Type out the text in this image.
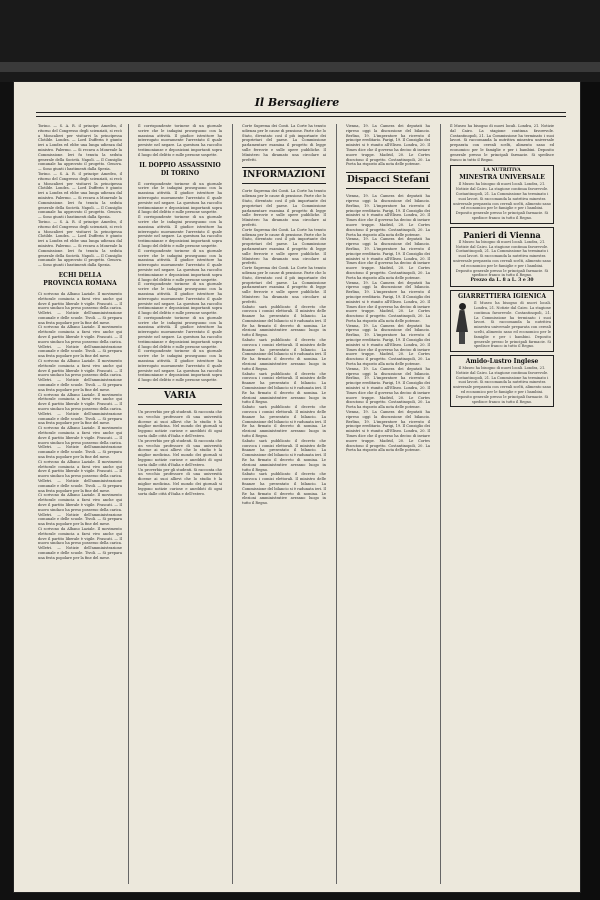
Il Bersagliere
Torino. — S. A. R. il principe Amedeo, il ritorno del Congresso degli scienziati, si recò a Moncalieri per visitarvi la principessa Clotilde. Londra. — Lord Dufferin è giunto ieri a Londra ed ebbe una lunga udienza dal ministro. Palermo. — Si recava a Monreale la Commissione. Ieri fu tenuta la seduta generale della Società. Napoli. — Il Consiglio comunale ha approvato il progetto. Genova. — Sono giunti i bastimenti dalla Spezia.
Torino. — S. A. R. il principe Amedeo, il ritorno del Congresso degli scienziati, si recò a Moncalieri per visitarvi la principessa Clotilde. Londra. — Lord Dufferin è giunto ieri a Londra ed ebbe una lunga udienza dal ministro. Palermo. — Si recava a Monreale la Commissione. Ieri fu tenuta la seduta generale della Società. Napoli. — Il Consiglio comunale ha approvato il progetto. Genova. — Sono giunti i bastimenti dalla Spezia.
Torino. — S. A. R. il principe Amedeo, il ritorno del Congresso degli scienziati, si recò a Moncalieri per visitarvi la principessa Clotilde. Londra. — Lord Dufferin è giunto ieri a Londra ed ebbe una lunga udienza dal ministro. Palermo. — Si recava a Monreale la Commissione. Ieri fu tenuta la seduta generale della Società. Napoli. — Il Consiglio comunale ha approvato il progetto. Genova. — Sono giunti i bastimenti dalla Spezia.
ECHI DELLA PROVINCIA ROMANA
Ci scrivono da Albano Laziale. Il movimento elettorale comincia a farsi vivo anche qui dove il partito liberale è vigile. Frascati. — Il nuovo sindaco ha preso possesso della carica. Velletri. — Notizie dell'amministrazione comunale e delle scuole. Tivoli. — Si prepara una festa popolare per la fine del mese.
Ci scrivono da Albano Laziale. Il movimento elettorale comincia a farsi vivo anche qui dove il partito liberale è vigile. Frascati. — Il nuovo sindaco ha preso possesso della carica. Velletri. — Notizie dell'amministrazione comunale e delle scuole. Tivoli. — Si prepara una festa popolare per la fine del mese.
Ci scrivono da Albano Laziale. Il movimento elettorale comincia a farsi vivo anche qui dove il partito liberale è vigile. Frascati. — Il nuovo sindaco ha preso possesso della carica. Velletri. — Notizie dell'amministrazione comunale e delle scuole. Tivoli. — Si prepara una festa popolare per la fine del mese.
Ci scrivono da Albano Laziale. Il movimento elettorale comincia a farsi vivo anche qui dove il partito liberale è vigile. Frascati. — Il nuovo sindaco ha preso possesso della carica. Velletri. — Notizie dell'amministrazione comunale e delle scuole. Tivoli. — Si prepara una festa popolare per la fine del mese.
Ci scrivono da Albano Laziale. Il movimento elettorale comincia a farsi vivo anche qui dove il partito liberale è vigile. Frascati. — Il nuovo sindaco ha preso possesso della carica. Velletri. — Notizie dell'amministrazione comunale e delle scuole. Tivoli. — Si prepara una festa popolare per la fine del mese.
Ci scrivono da Albano Laziale. Il movimento elettorale comincia a farsi vivo anche qui dove il partito liberale è vigile. Frascati. — Il nuovo sindaco ha preso possesso della carica. Velletri. — Notizie dell'amministrazione comunale e delle scuole. Tivoli. — Si prepara una festa popolare per la fine del mese.
Ci scrivono da Albano Laziale. Il movimento elettorale comincia a farsi vivo anche qui dove il partito liberale è vigile. Frascati. — Il nuovo sindaco ha preso possesso della carica. Velletri. — Notizie dell'amministrazione comunale e delle scuole. Tivoli. — Si prepara una festa popolare per la fine del mese.
Ci scrivono da Albano Laziale. Il movimento elettorale comincia a farsi vivo anche qui dove il partito liberale è vigile. Frascati. — Il nuovo sindaco ha preso possesso della carica. Velletri. — Notizie dell'amministrazione comunale e delle scuole. Tivoli. — Si prepara una festa popolare per la fine del mese.
Il corrispondente torinese di un giornale scrive che le indagini proseguono con la massima attività. Il giudice istruttore ha interrogato nuovamente l'arrestato il quale persiste nel negare. La questura ha raccolto testimonianze e deposizioni importanti sopra il luogo del delitto e sulle persone sospette.
IL DOPPIO ASSASSINIO DI TORINO
Il corrispondente torinese di un giornale scrive che le indagini proseguono con la massima attività. Il giudice istruttore ha interrogato nuovamente l'arrestato il quale persiste nel negare. La questura ha raccolto testimonianze e deposizioni importanti sopra il luogo del delitto e sulle persone sospette.
Il corrispondente torinese di un giornale scrive che le indagini proseguono con la massima attività. Il giudice istruttore ha interrogato nuovamente l'arrestato il quale persiste nel negare. La questura ha raccolto testimonianze e deposizioni importanti sopra il luogo del delitto e sulle persone sospette.
Il corrispondente torinese di un giornale scrive che le indagini proseguono con la massima attività. Il giudice istruttore ha interrogato nuovamente l'arrestato il quale persiste nel negare. La questura ha raccolto testimonianze e deposizioni importanti sopra il luogo del delitto e sulle persone sospette.
Il corrispondente torinese di un giornale scrive che le indagini proseguono con la massima attività. Il giudice istruttore ha interrogato nuovamente l'arrestato il quale persiste nel negare. La questura ha raccolto testimonianze e deposizioni importanti sopra il luogo del delitto e sulle persone sospette.
Il corrispondente torinese di un giornale scrive che le indagini proseguono con la massima attività. Il giudice istruttore ha interrogato nuovamente l'arrestato il quale persiste nel negare. La questura ha raccolto testimonianze e deposizioni importanti sopra il luogo del delitto e sulle persone sospette.
Il corrispondente torinese di un giornale scrive che le indagini proseguono con la massima attività. Il giudice istruttore ha interrogato nuovamente l'arrestato il quale persiste nel negare. La questura ha raccolto testimonianze e deposizioni importanti sopra il luogo del delitto e sulle persone sospette.
VARIA
Un proverbio per gli studenti. Si racconta che un vecchio professore di una università dicesse ai suoi allievi che lo studio è la miglior medicina. Nel mondo dei giornali si leggono notizie curiose e aneddoti di ogni sorta dalle città d'Italia e dell'estero.
Un proverbio per gli studenti. Si racconta che un vecchio professore di una università dicesse ai suoi allievi che lo studio è la miglior medicina. Nel mondo dei giornali si leggono notizie curiose e aneddoti di ogni sorta dalle città d'Italia e dell'estero.
Un proverbio per gli studenti. Si racconta che un vecchio professore di una università dicesse ai suoi allievi che lo studio è la miglior medicina. Nel mondo dei giornali si leggono notizie curiose e aneddoti di ogni sorta dalle città d'Italia e dell'estero.
Corte Suprema dei Conti. La Corte ha tenuto udienza per le cause di pensione. Parte che lo Stato, diventato così il più importante dei proprietari del paese. La Commissione parlamentare esamina il progetto di legge sulle ferrovie e sulle opere pubbliche. Il Ministero ha diramato una circolare ai prefetti.
INFORMAZIONI
Corte Suprema dei Conti. La Corte ha tenuto udienza per le cause di pensione. Parte che lo Stato, diventato così il più importante dei proprietari del paese. La Commissione parlamentare esamina il progetto di legge sulle ferrovie e sulle opere pubbliche. Il Ministero ha diramato una circolare ai prefetti.
Corte Suprema dei Conti. La Corte ha tenuto udienza per le cause di pensione. Parte che lo Stato, diventato così il più importante dei proprietari del paese. La Commissione parlamentare esamina il progetto di legge sulle ferrovie e sulle opere pubbliche. Il Ministero ha diramato una circolare ai prefetti.
Corte Suprema dei Conti. La Corte ha tenuto udienza per le cause di pensione. Parte che lo Stato, diventato così il più importante dei proprietari del paese. La Commissione parlamentare esamina il progetto di legge sulle ferrovie e sulle opere pubbliche. Il Ministero ha diramato una circolare ai prefetti.
Sabato sarà pubblicato il decreto che convoca i comizi elettorali. Il ministro delle finanze ha presentato il bilancio. La Commissione del bilancio si è radunata ieri. Il Re ha firmato il decreto di nomina. Le elezioni amministrative avranno luogo in tutto il Regno.
Sabato sarà pubblicato il decreto che convoca i comizi elettorali. Il ministro delle finanze ha presentato il bilancio. La Commissione del bilancio si è radunata ieri. Il Re ha firmato il decreto di nomina. Le elezioni amministrative avranno luogo in tutto il Regno.
Sabato sarà pubblicato il decreto che convoca i comizi elettorali. Il ministro delle finanze ha presentato il bilancio. La Commissione del bilancio si è radunata ieri. Il Re ha firmato il decreto di nomina. Le elezioni amministrative avranno luogo in tutto il Regno.
Sabato sarà pubblicato il decreto che convoca i comizi elettorali. Il ministro delle finanze ha presentato il bilancio. La Commissione del bilancio si è radunata ieri. Il Re ha firmato il decreto di nomina. Le elezioni amministrative avranno luogo in tutto il Regno.
Sabato sarà pubblicato il decreto che convoca i comizi elettorali. Il ministro delle finanze ha presentato il bilancio. La Commissione del bilancio si è radunata ieri. Il Re ha firmato il decreto di nomina. Le elezioni amministrative avranno luogo in tutto il Regno.
Sabato sarà pubblicato il decreto che convoca i comizi elettorali. Il ministro delle finanze ha presentato il bilancio. La Commissione del bilancio si è radunata ieri. Il Re ha firmato il decreto di nomina. Le elezioni amministrative avranno luogo in tutto il Regno.
Vienna, 19. La Camera dei deputati ha ripreso oggi la discussione del bilancio. Berlino, 19. L'imperatore ha ricevuto il principe ereditario. Parigi, 19. Il Consiglio dei ministri si è riunito all'Eliseo. Londra, 20. Il Times dice che il governo ha deciso di inviare nuove truppe. Madrid, 20. Le Cortes discutono il progetto. Costantinopoli, 20. La Porta ha risposto alla nota delle potenze.
Dispacci Stefani
Vienna, 19. La Camera dei deputati ha ripreso oggi la discussione del bilancio. Berlino, 19. L'imperatore ha ricevuto il principe ereditario. Parigi, 19. Il Consiglio dei ministri si è riunito all'Eliseo. Londra, 20. Il Times dice che il governo ha deciso di inviare nuove truppe. Madrid, 20. Le Cortes discutono il progetto. Costantinopoli, 20. La Porta ha risposto alla nota delle potenze.
Vienna, 19. La Camera dei deputati ha ripreso oggi la discussione del bilancio. Berlino, 19. L'imperatore ha ricevuto il principe ereditario. Parigi, 19. Il Consiglio dei ministri si è riunito all'Eliseo. Londra, 20. Il Times dice che il governo ha deciso di inviare nuove truppe. Madrid, 20. Le Cortes discutono il progetto. Costantinopoli, 20. La Porta ha risposto alla nota delle potenze.
Vienna, 19. La Camera dei deputati ha ripreso oggi la discussione del bilancio. Berlino, 19. L'imperatore ha ricevuto il principe ereditario. Parigi, 19. Il Consiglio dei ministri si è riunito all'Eliseo. Londra, 20. Il Times dice che il governo ha deciso di inviare nuove truppe. Madrid, 20. Le Cortes discutono il progetto. Costantinopoli, 20. La Porta ha risposto alla nota delle potenze.
Vienna, 19. La Camera dei deputati ha ripreso oggi la discussione del bilancio. Berlino, 19. L'imperatore ha ricevuto il principe ereditario. Parigi, 19. Il Consiglio dei ministri si è riunito all'Eliseo. Londra, 20. Il Times dice che il governo ha deciso di inviare nuove truppe. Madrid, 20. Le Cortes discutono il progetto. Costantinopoli, 20. La Porta ha risposto alla nota delle potenze.
Vienna, 19. La Camera dei deputati ha ripreso oggi la discussione del bilancio. Berlino, 19. L'imperatore ha ricevuto il principe ereditario. Parigi, 19. Il Consiglio dei ministri si è riunito all'Eliseo. Londra, 20. Il Times dice che il governo ha deciso di inviare nuove truppe. Madrid, 20. Le Cortes discutono il progetto. Costantinopoli, 20. La Porta ha risposto alla nota delle potenze.
Vienna, 19. La Camera dei deputati ha ripreso oggi la discussione del bilancio. Berlino, 19. L'imperatore ha ricevuto il principe ereditario. Parigi, 19. Il Consiglio dei ministri si è riunito all'Eliseo. Londra, 20. Il Times dice che il governo ha deciso di inviare nuove truppe. Madrid, 20. Le Cortes discutono il progetto. Costantinopoli, 20. La Porta ha risposto alla nota delle potenze.
Il Museo ha bisogno di nuovi locali. Londra, 21. Notizie dal Cairo. La stagione continua favorevole. Costantinopoli, 21. La Commissione ha terminato i suoi lavori. Si raccomanda la nutritiva minestra universale preparata con cereali scelti, alimento sano ed economico per le famiglie e per i bambini. Deposito generale presso le principali farmacie. Si spedisce franco in tutto il Regno.
LA NUTRITIVA
MINESTRA UNIVERSALE
Il Museo ha bisogno di nuovi locali. Londra, 21. Notizie dal Cairo. La stagione continua favorevole. Costantinopoli, 21. La Commissione ha terminato i suoi lavori. Si raccomanda la nutritiva minestra universale preparata con cereali scelti, alimento sano ed economico per le famiglie e per i bambini. Deposito generale presso le principali farmacie. Si spedisce franco in tutto il Regno.
Panieri di Vienna
Il Museo ha bisogno di nuovi locali. Londra, 21. Notizie dal Cairo. La stagione continua favorevole. Costantinopoli, 21. La Commissione ha terminato i suoi lavori. Si raccomanda la nutritiva minestra universale preparata con cereali scelti, alimento sano ed economico per le famiglie e per i bambini. Deposito generale presso le principali farmacie. Si spedisce franco in tutto il Regno.
Prezzo da L. 8 a L. 3 e 30
GIARRETTIERA IGIENICA
Il Museo ha bisogno di nuovi locali. Londra, 21. Notizie dal Cairo. La stagione continua favorevole. Costantinopoli, 21. La Commissione ha terminato i suoi lavori. Si raccomanda la nutritiva minestra universale preparata con cereali scelti, alimento sano ed economico per le famiglie e per i bambini. Deposito generale presso le principali farmacie. Si spedisce franco in tutto il Regno.
Amido-Lustro Inglese
Il Museo ha bisogno di nuovi locali. Londra, 21. Notizie dal Cairo. La stagione continua favorevole. Costantinopoli, 21. La Commissione ha terminato i suoi lavori. Si raccomanda la nutritiva minestra universale preparata con cereali scelti, alimento sano ed economico per le famiglie e per i bambini. Deposito generale presso le principali farmacie. Si spedisce franco in tutto il Regno.
